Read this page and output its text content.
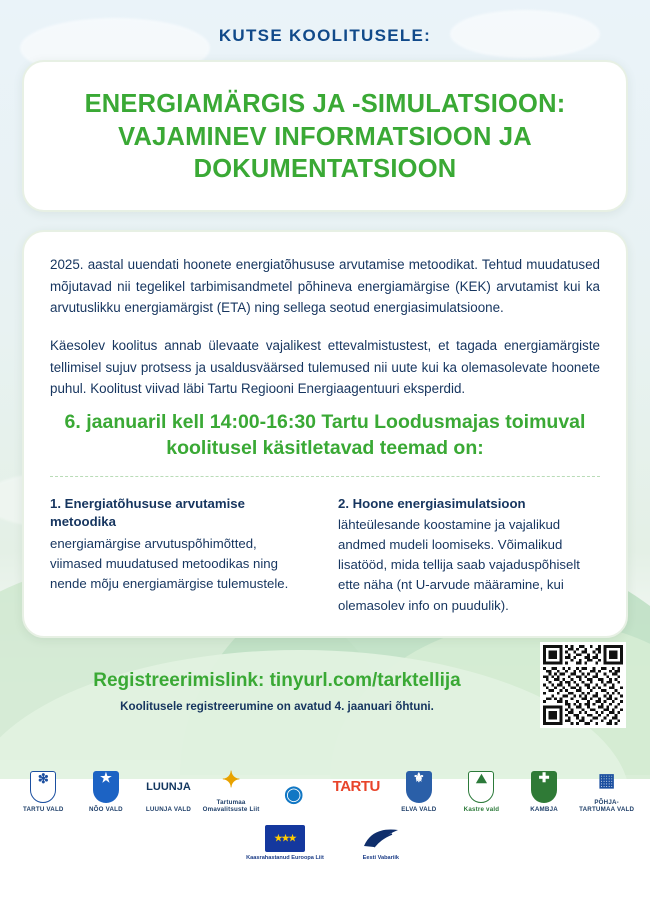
KUTSE KOOLITUSELE:
ENERGIAMÄRGIS JA -SIMULATSIOON: VAJAMINEV INFORMATSIOON JA DOKUMENTATSIOON

2025. aastal uuendati hoonete energiatõhususe arvutamise metoodikat. Tehtud muudatused mõjutavad nii tegelikel tarbimisandmetel põhineva energiamärgise (KEK) arvutamist kui ka arvutuslikku energiamärgist (ETA) ning sellega seotud energiasimulatsioone.

Käesolev koolitus annab ülevaate vajalikest ettevalmistustest, et tagada energiamärgiste tellimisel sujuv protsess ja usaldusväärsed tulemused nii uute kui ka olemasolevate hoonete puhul. Koolitust viivad läbi Tartu Regiooni Energiaagentuuri eksperdid.

6. jaanuaril kell 14:00-16:30 Tartu Loodusmajas toimuval koolitusel käsitletavad teemad on:

1. Energiatõhususe arvutamise metoodika

energiamärgise arvutuspõhimõtted, viimased muudatused metoodikas ning nende mõju energiamärgise tulemustele.

2. Hoone energiasimulatsioon

lähteülesande koostamine ja vajalikud andmed mudeli loomiseks. Võimalikud lisatööd, mida tellija saab vajaduspõhiselt ette näha (nt U-arvude määramine, kui olemasolev info on puudulik).

Registreerimislink: tinyurl.com/tarktellija
Koolitusele registreerumine on avatud 4. jaanuari õhtuni.
❇
TARTU VALD
★
NÕO VALD
LUUNJA
LUUNJA VALD
✦
Tartumaa Omavalitsuste Liit
◉	TARTU
⚜
ELVA VALD
⛰
Kastre vald
✚
KAMBJA
▦
PÕHJA-TARTUMAA VALD
★★★
Kaasrahastanud Euroopa Liit	Eesti Vabariik
